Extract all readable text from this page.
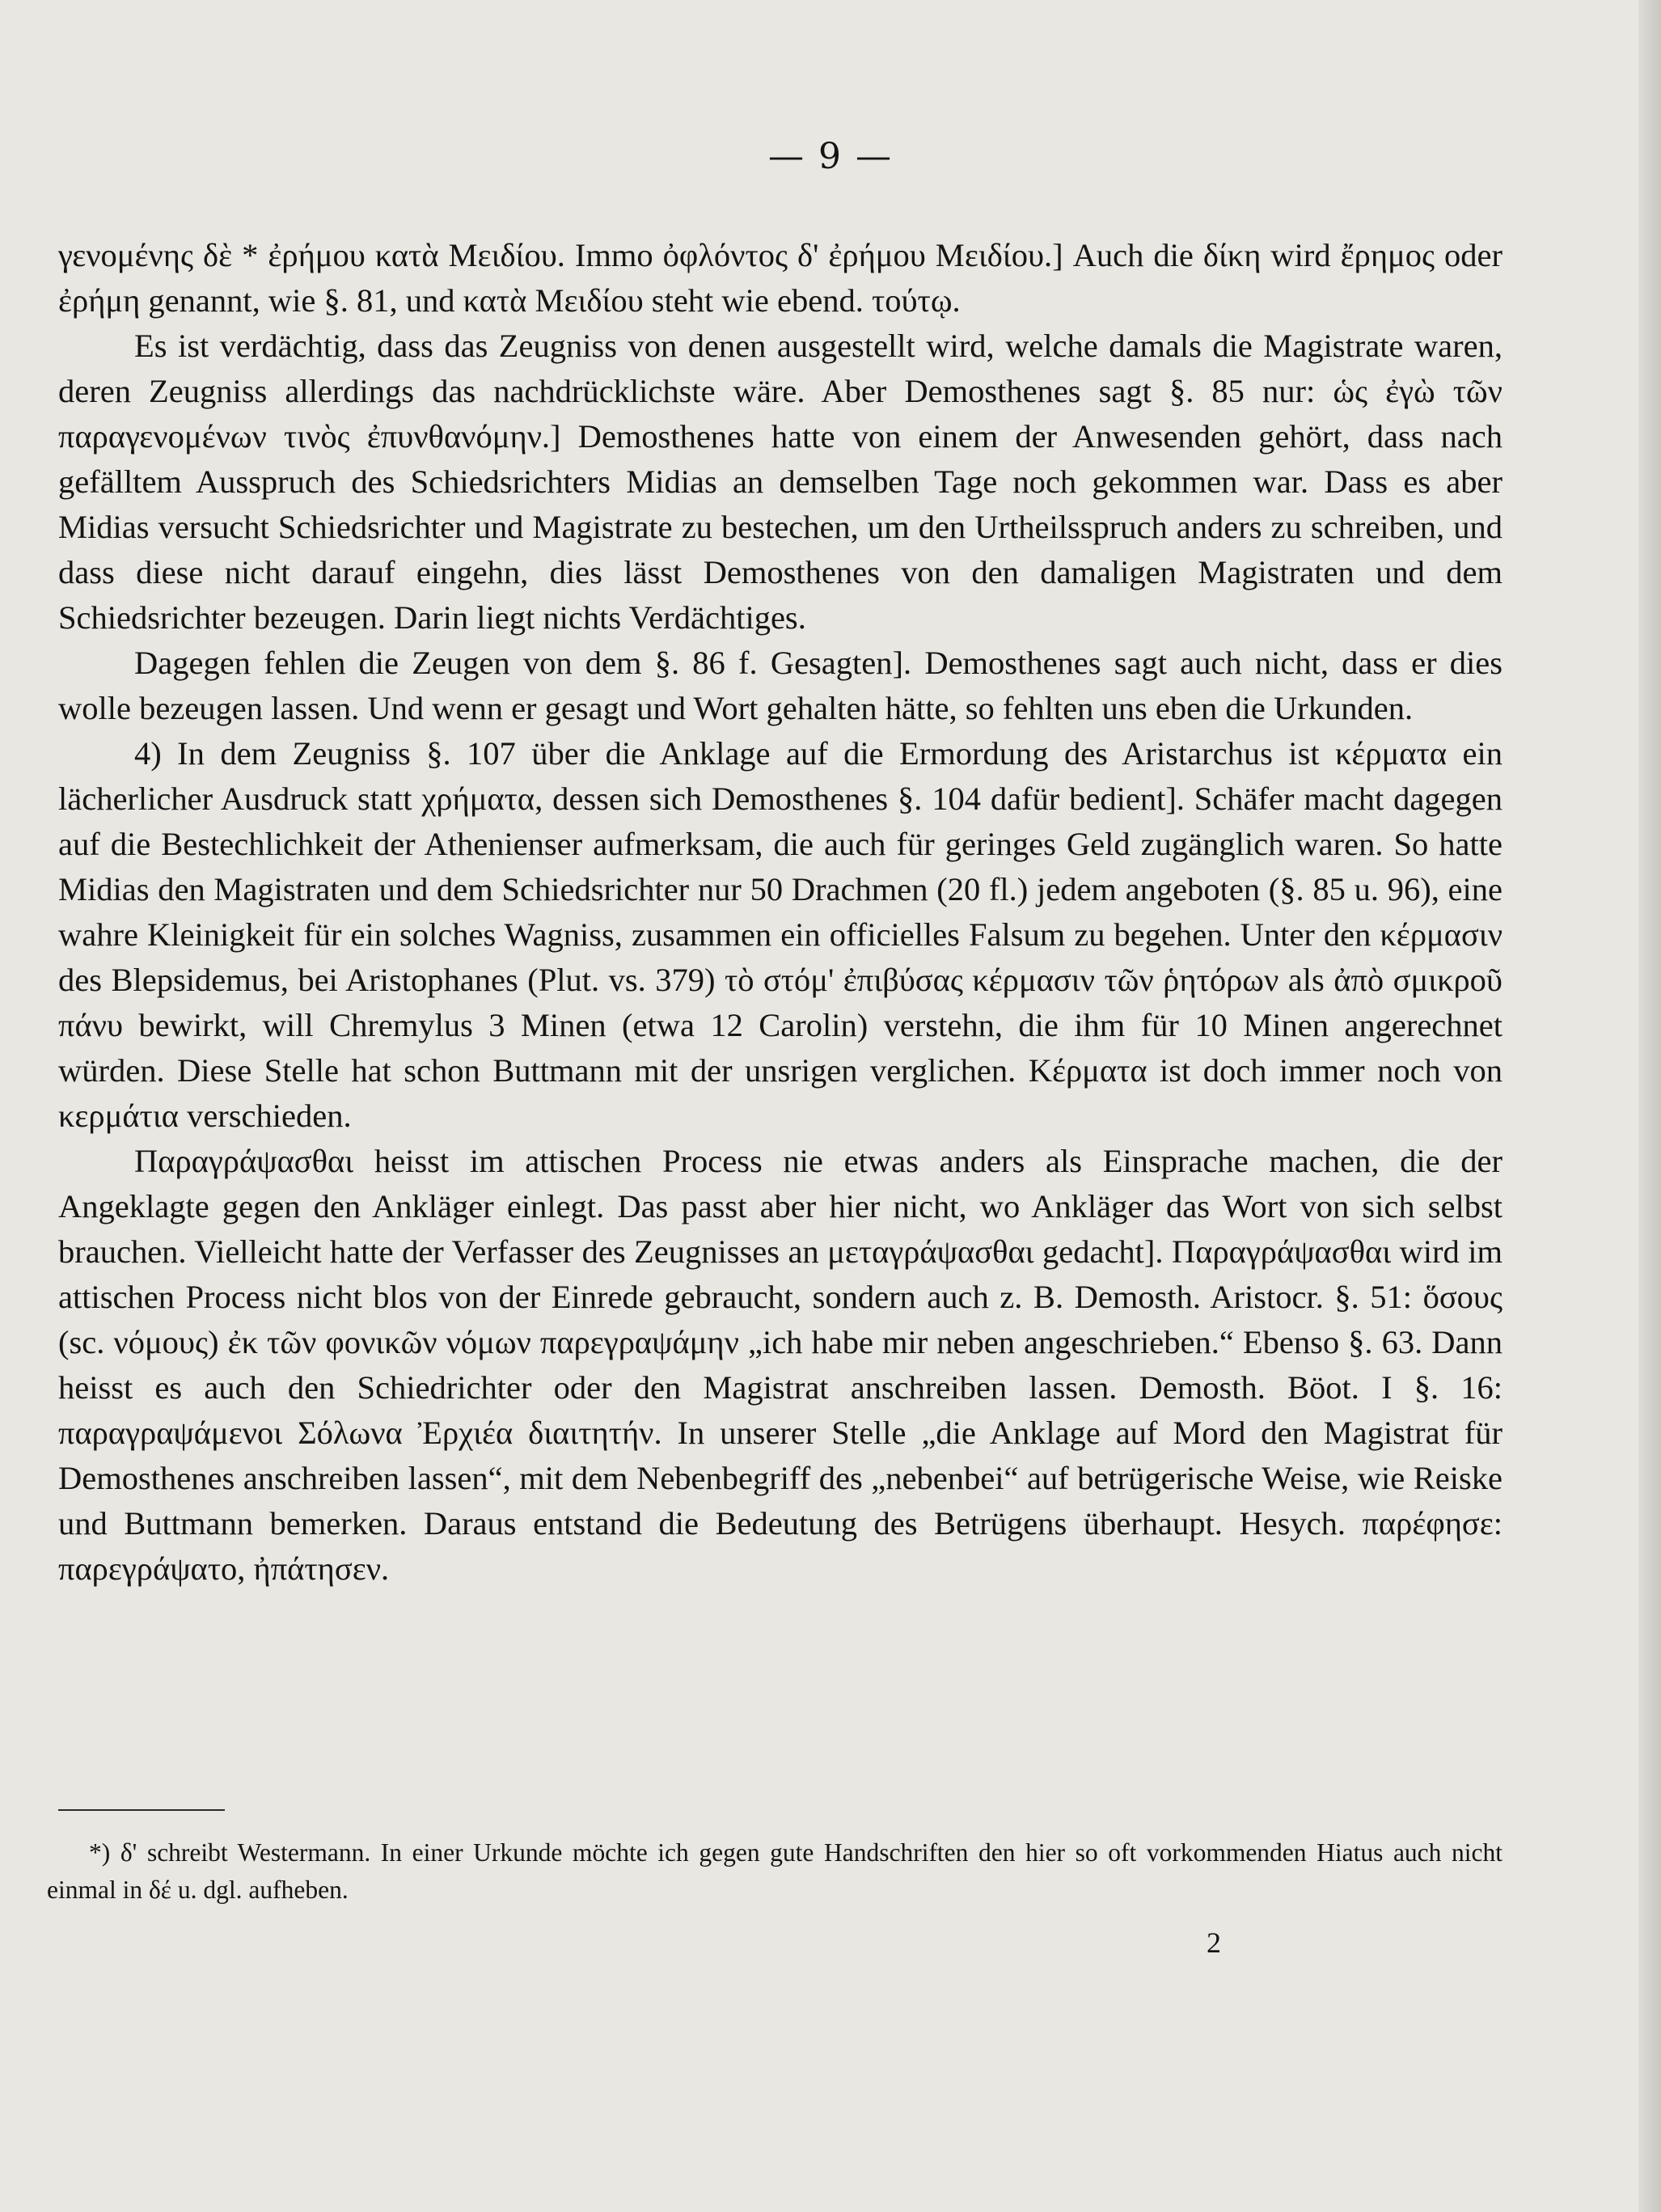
— 9 —

γενομένης δὲ * ἐρήμου κατὰ Μειδίου. Immo ὀφλόντος δ' ἐρήμου Μειδίου.] Auch die δίκη wird ἔρημος oder ἐρήμη genannt, wie §. 81, und κατὰ Μειδίου steht wie ebend. τούτῳ.

Es ist verdächtig, dass das Zeugniss von denen ausgestellt wird, welche damals die Magistrate waren, deren Zeugniss allerdings das nachdrücklichste wäre. Aber Demosthenes sagt §. 85 nur: ὡς ἐγὼ τῶν παραγενομένων τινὸς ἐπυνθανόμην.] Demosthenes hatte von einem der Anwesenden gehört, dass nach gefälltem Ausspruch des Schiedsrichters Midias an demselben Tage noch gekommen war. Dass es aber Midias versucht Schiedsrichter und Magistrate zu bestechen, um den Urtheilsspruch anders zu schreiben, und dass diese nicht darauf eingehn, dies lässt Demosthenes von den damaligen Magistraten und dem Schiedsrichter bezeugen. Darin liegt nichts Verdächtiges.

Dagegen fehlen die Zeugen von dem §. 86 f. Gesagten]. Demosthenes sagt auch nicht, dass er dies wolle bezeugen lassen. Und wenn er gesagt und Wort gehalten hätte, so fehlten uns eben die Urkunden.

4) In dem Zeugniss §. 107 über die Anklage auf die Ermordung des Aristarchus ist κέρματα ein lächerlicher Ausdruck statt χρήματα, dessen sich Demosthenes §. 104 dafür bedient]. Schäfer macht dagegen auf die Bestechlichkeit der Athenienser aufmerksam, die auch für geringes Geld zugänglich waren. So hatte Midias den Magistraten und dem Schiedsrichter nur 50 Drachmen (20 fl.) jedem angeboten (§. 85 u. 96), eine wahre Kleinigkeit für ein solches Wagniss, zusammen ein officielles Falsum zu begehen. Unter den κέρμασιν des Blepsidemus, bei Aristophanes (Plut. vs. 379) τὸ στόμ' ἐπιβύσας κέρμασιν τῶν ῥητόρων als ἀπὸ σμικροῦ πάνυ bewirkt, will Chremylus 3 Minen (etwa 12 Carolin) verstehn, die ihm für 10 Minen angerechnet würden. Diese Stelle hat schon Buttmann mit der unsrigen verglichen. Κέρματα ist doch immer noch von κερμάτια verschieden.

Παραγράψασθαι heisst im attischen Process nie etwas anders als Einsprache machen, die der Angeklagte gegen den Ankläger einlegt. Das passt aber hier nicht, wo Ankläger das Wort von sich selbst brauchen. Vielleicht hatte der Verfasser des Zeugnisses an μεταγράψασθαι gedacht]. Παραγράψασθαι wird im attischen Process nicht blos von der Einrede gebraucht, sondern auch z. B. Demosth. Aristocr. §. 51: ὅσους (sc. νόμους) ἐκ τῶν φονικῶν νόμων παρεγραψάμην „ich habe mir neben angeschrieben.“ Ebenso §. 63. Dann heisst es auch den Schiedrichter oder den Magistrat anschreiben lassen. Demosth. Böot. I §. 16: παραγραψάμενοι Σόλωνα Ἐρχιέα διαιτητήν. In unserer Stelle „die Anklage auf Mord den Magistrat für Demosthenes anschreiben lassen“, mit dem Nebenbegriff des „nebenbei“ auf betrügerische Weise, wie Reiske und Buttmann bemerken. Daraus entstand die Bedeutung des Betrügens überhaupt. Hesych. παρέφησε: παρεγράψατο, ἠπάτησεν.

*) δ' schreibt Westermann. In einer Urkunde möchte ich gegen gute Handschriften den hier so oft vorkommenden Hiatus auch nicht einmal in δέ u. dgl. aufheben.
2
